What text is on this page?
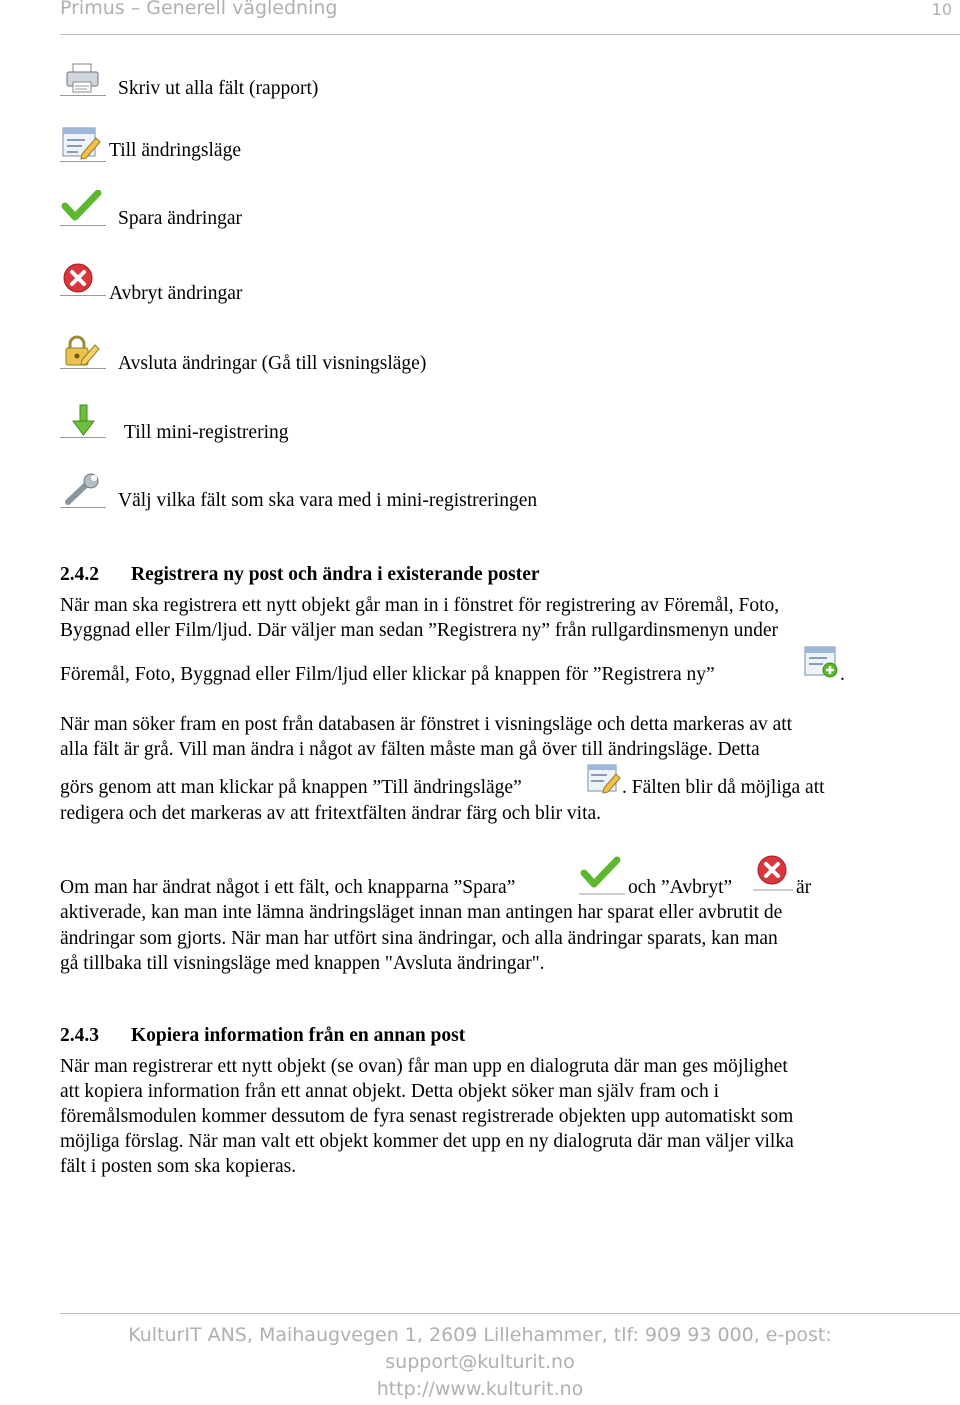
Primus – Generell vägledning	10
Skriv ut alla fält (rapport)
Till ändringsläge
Spara ändringar
Avbryt ändringar
Avsluta ändringar (Gå till visningsläge)
Till mini-registrering
Välj vilka fält som ska vara med i mini-registreringen
2.4.2 Registrera ny post och ändra i existerande poster
När man ska registrera ett nytt objekt går man in i fönstret för registrering av Föremål, Foto,
Byggnad eller Film/ljud. Där väljer man sedan ”Registrera ny” från rullgardinsmenyn under
Föremål, Foto, Byggnad eller Film/ljud eller klickar på knappen för ”Registrera ny”	.
När man söker fram en post från databasen är fönstret i visningsläge och detta markeras av att
alla fält är grå. Vill man ändra i något av fälten måste man gå över till ändringsläge. Detta
görs genom att man klickar på knappen ”Till ändringsläge”	. Fälten blir då möjliga att
redigera och det markeras av att fritextfälten ändrar färg och blir vita.
Om man har ändrat något i ett fält, och knapparna ”Spara”	och ”Avbryt”	är
aktiverade, kan man inte lämna ändringsläget innan man antingen har sparat eller avbrutit de
ändringar som gjorts. När man har utfört sina ändringar, och alla ändringar sparats, kan man
gå tillbaka till visningsläge med knappen "Avsluta ändringar".
2.4.3 Kopiera information från en annan post
När man registrerar ett nytt objekt (se ovan) får man upp en dialogruta där man ges möjlighet
att kopiera information från ett annat objekt. Detta objekt söker man själv fram och i
föremålsmodulen kommer dessutom de fyra senast registrerade objekten upp automatiskt som
möjliga förslag. När man valt ett objekt kommer det upp en ny dialogruta där man väljer vilka
fält i posten som ska kopieras.
KulturIT ANS, Maihaugvegen 1, 2609 Lillehammer, tlf: 909 93 000, e-post:
support@kulturit.no
http://www.kulturit.no
